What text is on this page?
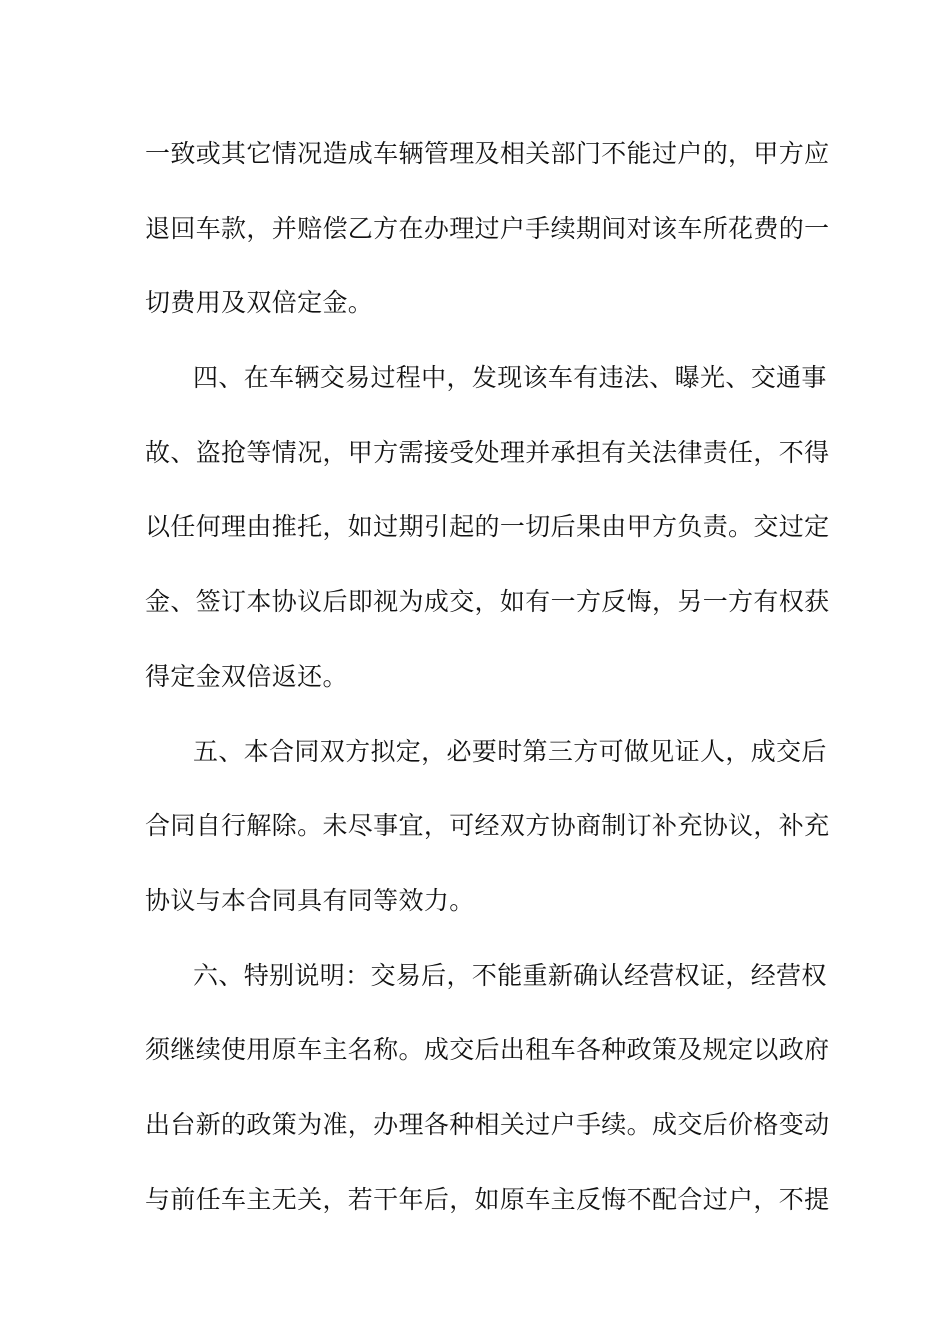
一致或其它情况造成车辆管理及相关部门不能过户的，甲方应
退回车款，并赔偿乙方在办理过户手续期间对该车所花费的一
切费用及双倍定金。
四、在车辆交易过程中，发现该车有违法、曝光、交通事
故、盗抢等情况，甲方需接受处理并承担有关法律责任，不得
以任何理由推托，如过期引起的一切后果由甲方负责。交过定
金、签订本协议后即视为成交，如有一方反悔，另一方有权获
得定金双倍返还。
五、本合同双方拟定，必要时第三方可做见证人，成交后
合同自行解除。未尽事宜，可经双方协商制订补充协议，补充
协议与本合同具有同等效力。
六、特别说明：交易后，不能重新确认经营权证，经营权
须继续使用原车主名称。成交后出租车各种政策及规定以政府
出台新的政策为准，办理各种相关过户手续。成交后价格变动
与前任车主无关，若干年后，如原车主反悔不配合过户，不提
